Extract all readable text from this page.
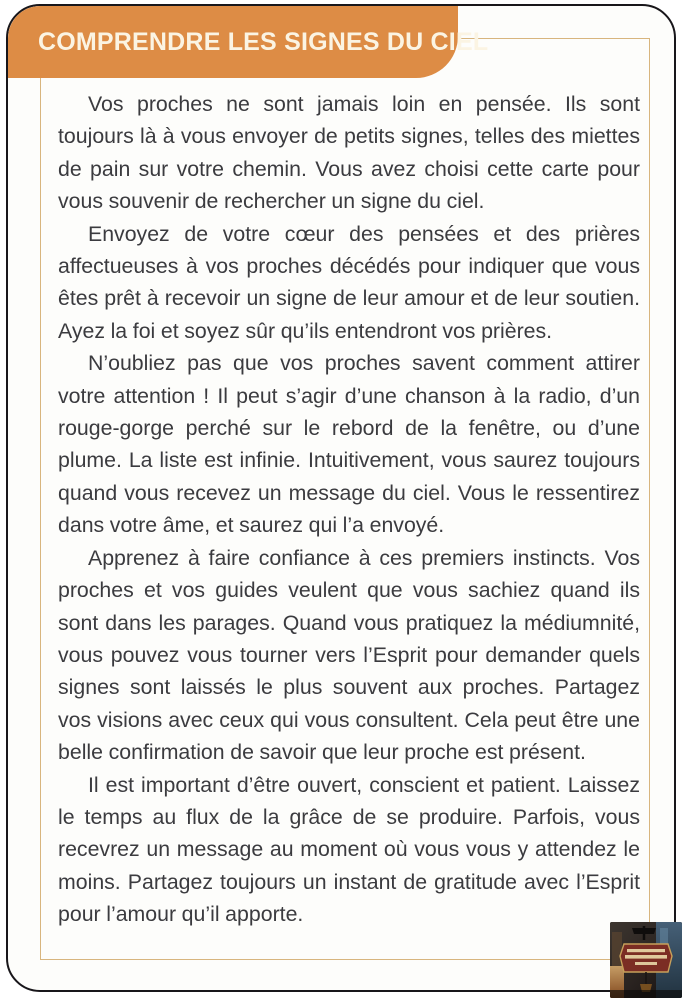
COMPRENDRE LES SIGNES DU CIEL

Vos proches ne sont jamais loin en pensée. Ils sont toujours là à vous envoyer de petits signes, telles des miettes de pain sur votre chemin. Vous avez choisi cette carte pour vous souvenir de rechercher un signe du ciel.

Envoyez de votre cœur des pensées et des prières affectueuses à vos proches décédés pour indiquer que vous êtes prêt à recevoir un signe de leur amour et de leur soutien. Ayez la foi et soyez sûr qu’ils entendront vos prières.

N’oubliez pas que vos proches savent comment attirer votre attention ! Il peut s’agir d’une chanson à la radio, d’un rouge-gorge perché sur le rebord de la fenêtre, ou d’une plume. La liste est infinie. Intuitivement, vous saurez toujours quand vous recevez un message du ciel. Vous le ressentirez dans votre âme, et saurez qui l’a envoyé.

Apprenez à faire confiance à ces premiers instincts. Vos proches et vos guides veulent que vous sachiez quand ils sont dans les parages. Quand vous pratiquez la médiumnité, vous pouvez vous tourner vers l’Esprit pour demander quels signes sont laissés le plus souvent aux proches. Partagez vos visions avec ceux qui vous consultent. Cela peut être une belle confirmation de savoir que leur proche est présent.

Il est important d’être ouvert, conscient et patient. Laissez le temps au flux de la grâce de se produire. Parfois, vous recevrez un message au moment où vous vous y attendez le moins. Partagez toujours un instant de gratitude avec l’Esprit pour l’amour qu’il apporte.
